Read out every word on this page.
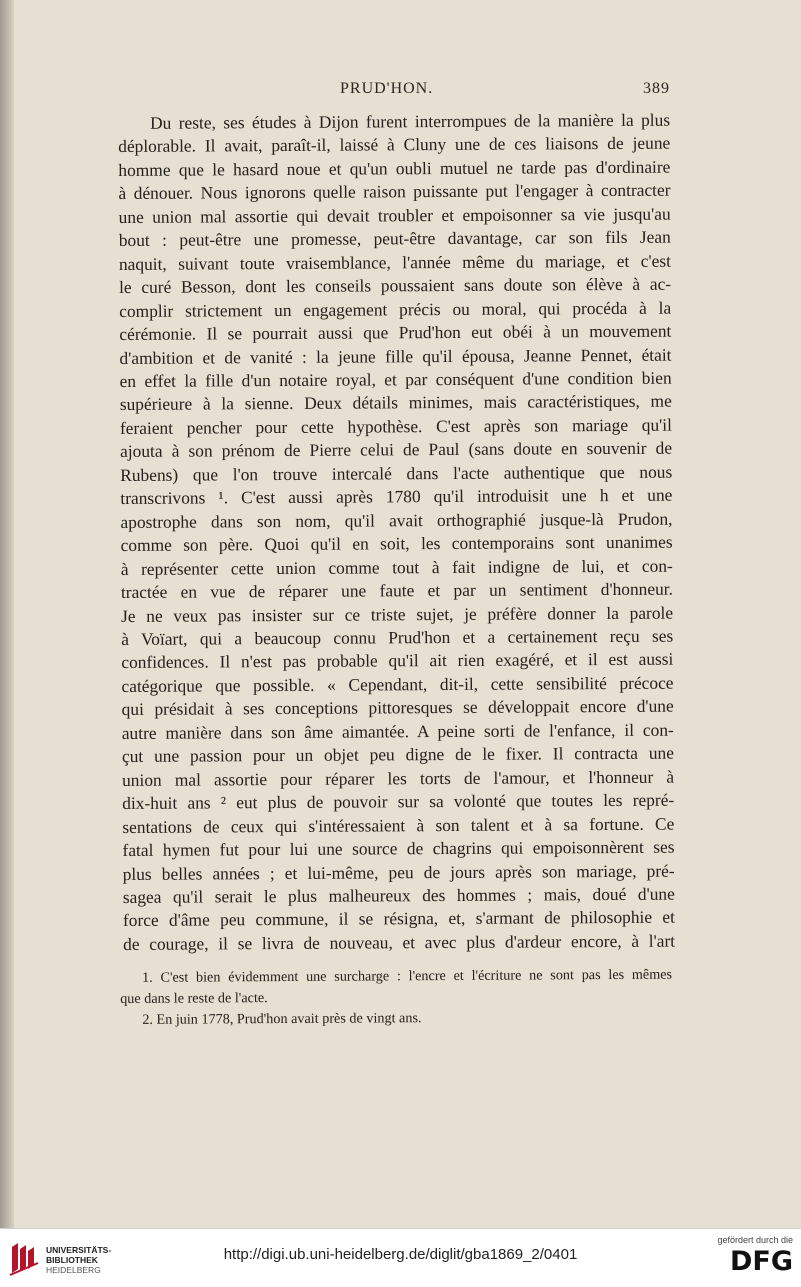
PRUD'HON.	389
Du reste, ses études à Dijon furent interrompues de la manière la plus
déplorable. Il avait, paraît-il, laissé à Cluny une de ces liaisons de jeune
homme que le hasard noue et qu'un oubli mutuel ne tarde pas d'ordinaire
à dénouer. Nous ignorons quelle raison puissante put l'engager à contracter
une union mal assortie qui devait troubler et empoisonner sa vie jusqu'au
bout : peut-être une promesse, peut-être davantage, car son fils Jean
naquit, suivant toute vraisemblance, l'année même du mariage, et c'est
le curé Besson, dont les conseils poussaient sans doute son élève à ac-
complir strictement un engagement précis ou moral, qui procéda à la
cérémonie. Il se pourrait aussi que Prud'hon eut obéi à un mouvement
d'ambition et de vanité : la jeune fille qu'il épousa, Jeanne Pennet, était
en effet la fille d'un notaire royal, et par conséquent d'une condition bien
supérieure à la sienne. Deux détails minimes, mais caractéristiques, me
feraient pencher pour cette hypothèse. C'est après son mariage qu'il
ajouta à son prénom de Pierre celui de Paul (sans doute en souvenir de
Rubens) que l'on trouve intercalé dans l'acte authentique que nous
transcrivons ¹. C'est aussi après 1780 qu'il introduisit une h et une
apostrophe dans son nom, qu'il avait orthographié jusque-là Prudon,
comme son père. Quoi qu'il en soit, les contemporains sont unanimes
à représenter cette union comme tout à fait indigne de lui, et con-
tractée en vue de réparer une faute et par un sentiment d'honneur.
Je ne veux pas insister sur ce triste sujet, je préfère donner la parole
à Voïart, qui a beaucoup connu Prud'hon et a certainement reçu ses
confidences. Il n'est pas probable qu'il ait rien exagéré, et il est aussi
catégorique que possible. « Cependant, dit-il, cette sensibilité précoce
qui présidait à ses conceptions pittoresques se développait encore d'une
autre manière dans son âme aimantée. A peine sorti de l'enfance, il con-
çut une passion pour un objet peu digne de le fixer. Il contracta une
union mal assortie pour réparer les torts de l'amour, et l'honneur à
dix-huit ans ² eut plus de pouvoir sur sa volonté que toutes les repré-
sentations de ceux qui s'intéressaient à son talent et à sa fortune. Ce
fatal hymen fut pour lui une source de chagrins qui empoisonnèrent ses
plus belles années ; et lui-même, peu de jours après son mariage, pré-
sagea qu'il serait le plus malheureux des hommes ; mais, doué d'une
force d'âme peu commune, il se résigna, et, s'armant de philosophie et
de courage, il se livra de nouveau, et avec plus d'ardeur encore, à l'art
1. C'est bien évidemment une surcharge : l'encre et l'écriture ne sont pas les mêmes
que dans le reste de l'acte.
2. En juin 1778, Prud'hon avait près de vingt ans.
UNIVERSITÄTS-
BIBLIOTHEK
HEIDELBERG
http://digi.ub.uni-heidelberg.de/diglit/gba1869_2/0401
gefördert durch die
DFG
